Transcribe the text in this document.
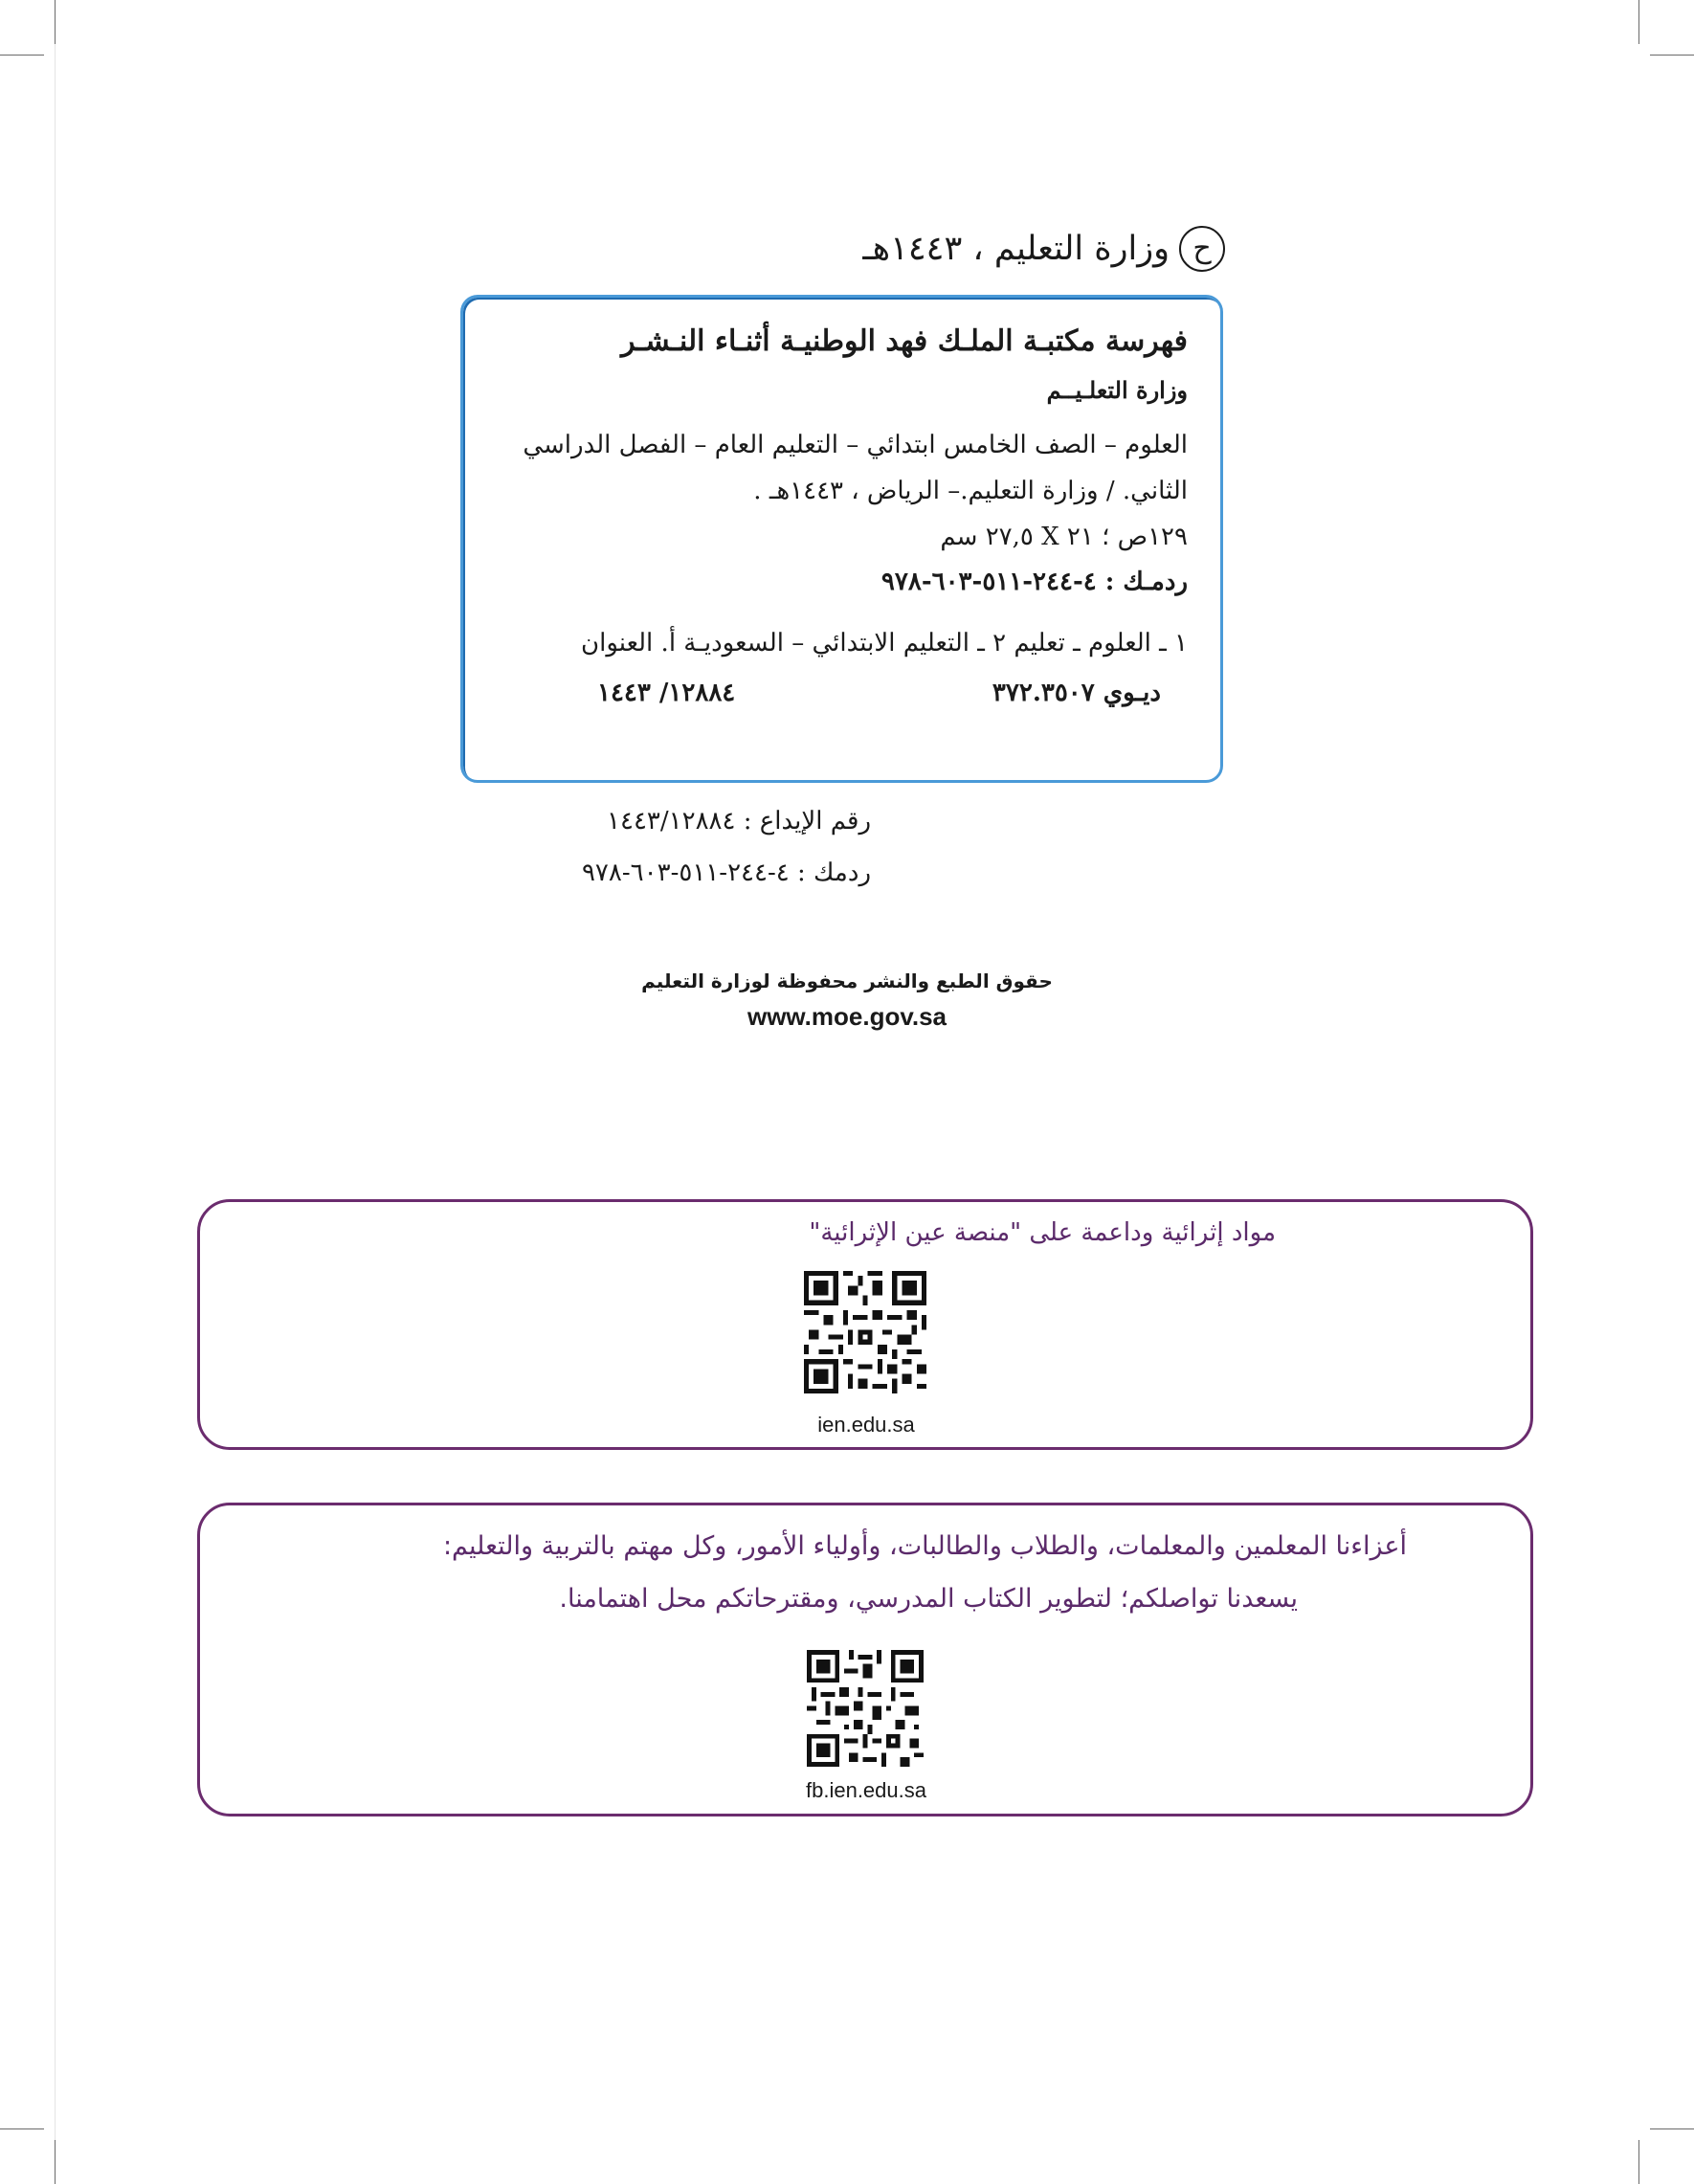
ح
وزارة التعليم ، ١٤٤٣هـ
فهرسة مكتبـة الملـك فهد الوطنيـة أثنـاء النـشـر
وزارة التعلـيــم
العلوم – الصف الخامس ابتدائي – التعليم العام – الفصل الدراسي
الثاني. / وزارة التعليم.– الرياض ، ١٤٤٣هـ .
١٢٩ص ؛ ٢١ X ٢٧,٥ سم
ردمـك : ٤-٢٤٤-٥١١-٦٠٣-٩٧٨
١ ـ العلوم ـ تعليم ٢ ـ التعليم الابتدائي – السعوديـة أ. العنوان
ديـوي ٣٧٢.٣٥٠٧
١٢٨٨٤/ ١٤٤٣
رقم الإيداع : ١٤٤٣/١٢٨٨٤
ردمك : ٤-٢٤٤-٥١١-٦٠٣-٩٧٨
حقوق الطبع والنشر محفوظة لوزارة التعليم
www.moe.gov.sa
مواد إثرائية وداعمة على "منصة عين الإثرائية"
ien.edu.sa
أعزاءنا المعلمين والمعلمات، والطلاب والطالبات، وأولياء الأمور، وكل مهتم بالتربية والتعليم:
يسعدنا تواصلكم؛ لتطوير الكتاب المدرسي، ومقترحاتكم محل اهتمامنا.
fb.ien.edu.sa
